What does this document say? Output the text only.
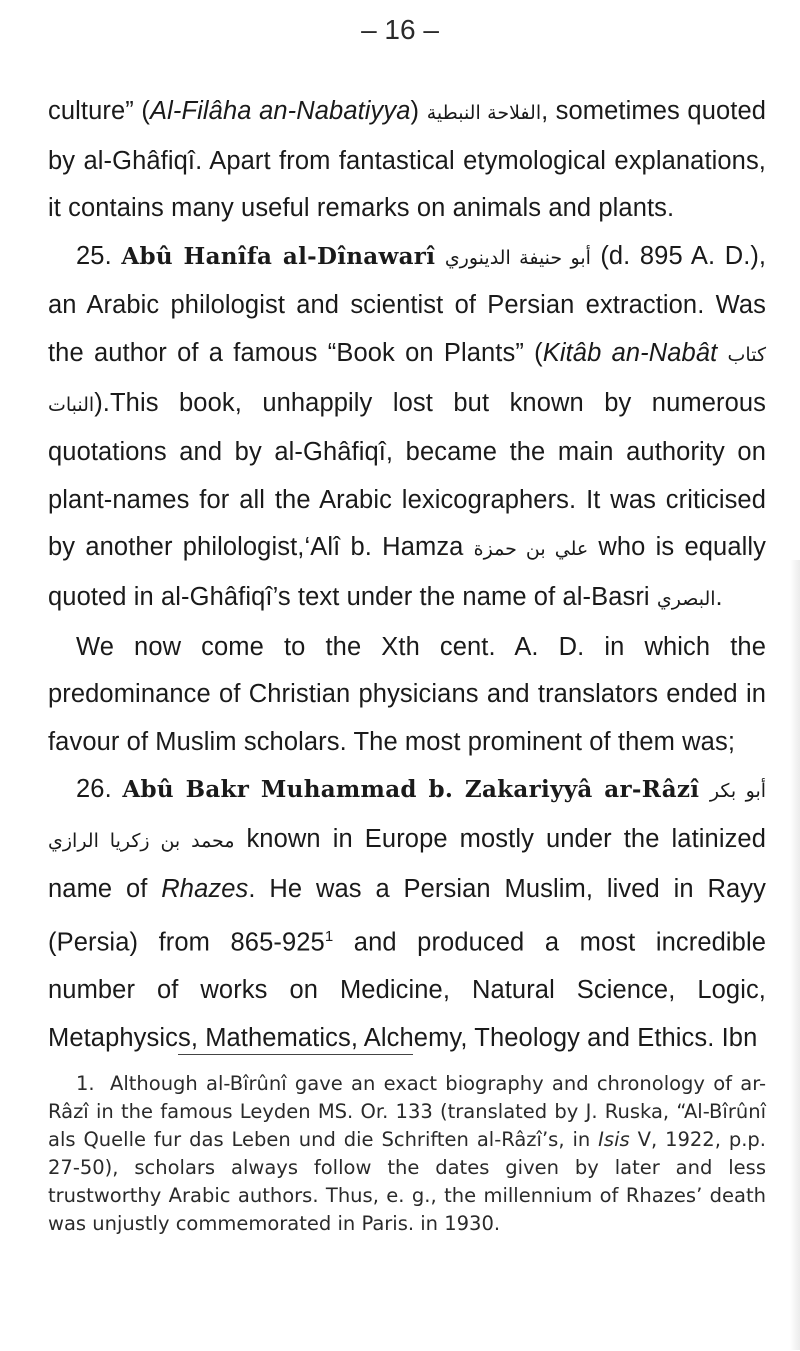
– 16 –

culture” (Al-Filâha an-Nabatiyya) الفلاحة النبطية, sometimes quoted by al-Ghâfiqî. Apart from fantastical etymological explanations, it contains many useful remarks on animals and plants.

25. Abû Hanîfa al-Dînawarî أبو حنيفة الدينوري (d. 895 A. D.), an Arabic philologist and scientist of Persian extraction. Was the author of a famous “Book on Plants” (Kitâb an-Nabât كتاب النبات).This book, unhappily lost but known by numerous quotations and by al-Ghâfiqî, became the main authority on plant-names for all the Arabic lexicographers. It was criticised by another philologist,‘Alî b. Hamza علي بن حمزة who is equally quoted in al-Ghâfiqî’s text under the name of al-Basri البصري.

We now come to the Xth cent. A. D. in which the predominance of Christian physicians and translators ended in favour of Muslim scholars. The most prominent of them was;

26. Abû Bakr Muhammad b. Zakariyyâ ar-Râzî أبو بكر محمد بن زكريا الرازي known in Europe mostly under the latinized name of Rhazes. He was a Persian Muslim, lived in Rayy (Persia) from $865-925^1$ and produced a most incredible number of works on Medicine, Natural Science, Logic, Metaphysics, Mathematics, Alchemy, Theology and Ethics. Ibn

1. Although al-Bîrûnî gave an exact biography and chronology of ar-Râzî in the famous Leyden MS. Or. 133 (translated by J. Ruska, “Al-Bîrûnî als Quelle fur das Leben und die Schriften al-Râzî’s, in Isis V, 1922, p.p. 27-50), scholars always follow the dates given by later and less trustworthy Arabic authors. Thus, e. g., the millennium of Rhazes’ death was unjustly commemorated in Paris. in 1930.
